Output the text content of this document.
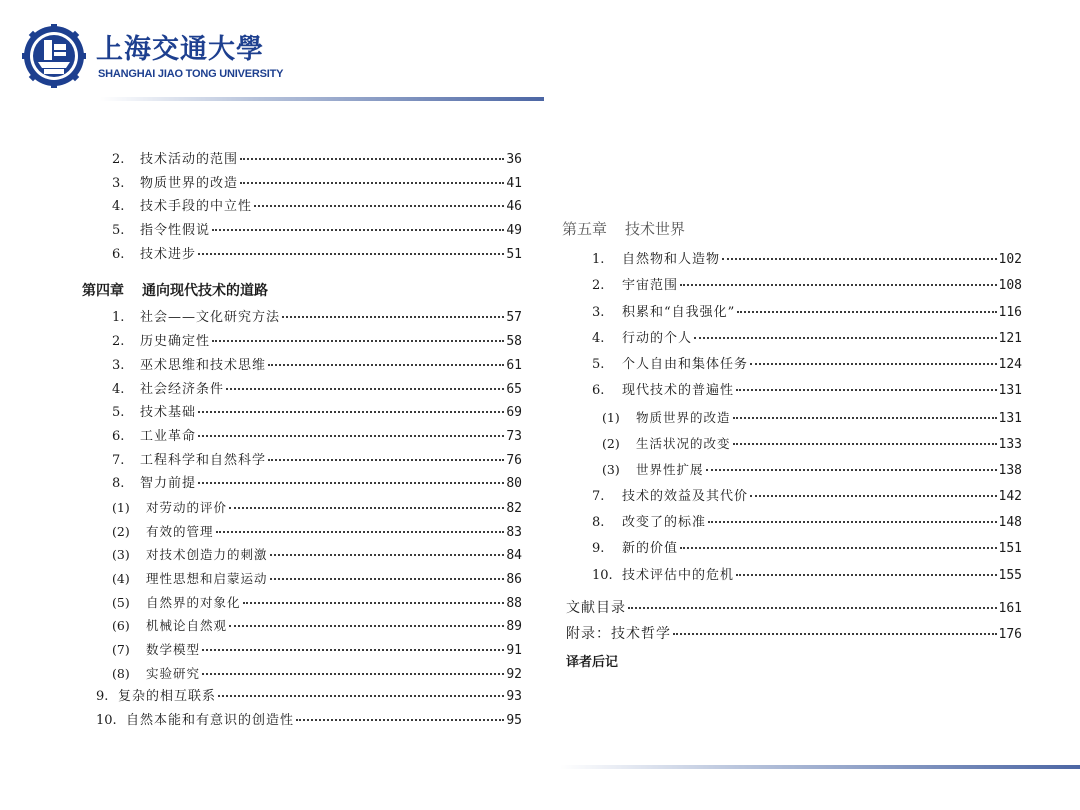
上海交通大學
SHANGHAI JIAO TONG UNIVERSITY
2.	技术活动的范围	36
3.	物质世界的改造	41
4.	技术手段的中立性	46
5.	指令性假说	49
6.	技术进步	51
第四章 通向现代技术的道路
1.	社会——文化研究方法	57
2.	历史确定性	58
3.	巫术思维和技术思维	61
4.	社会经济条件	65
5.	技术基础	69
6.	工业革命	73
7.	工程科学和自然科学	76
8.	智力前提	80
(1)	对劳动的评价	82
(2)	有效的管理	83
(3)	对技术创造力的刺激	84
(4)	理性思想和启蒙运动	86
(5)	自然界的对象化	88
(6)	机械论自然观	89
(7)	数学模型	91
(8)	实验研究	92
9. 复杂的相互联系	93
10. 自然本能和有意识的创造性	95
第五章 技术世界
1.	自然物和人造物	102
2.	宇宙范围	108
3.	积累和“自我强化”	116
4.	行动的个人	121
5.	个人自由和集体任务	124
6.	现代技术的普遍性	131
(1)	物质世界的改造	131
(2)	生活状况的改变	133
(3)	世界性扩展	138
7.	技术的效益及其代价	142
8.	改变了的标准	148
9.	新的价值	151
10. 技术评估中的危机	155
文献目录	161
附录：技术哲学	176
译者后记
